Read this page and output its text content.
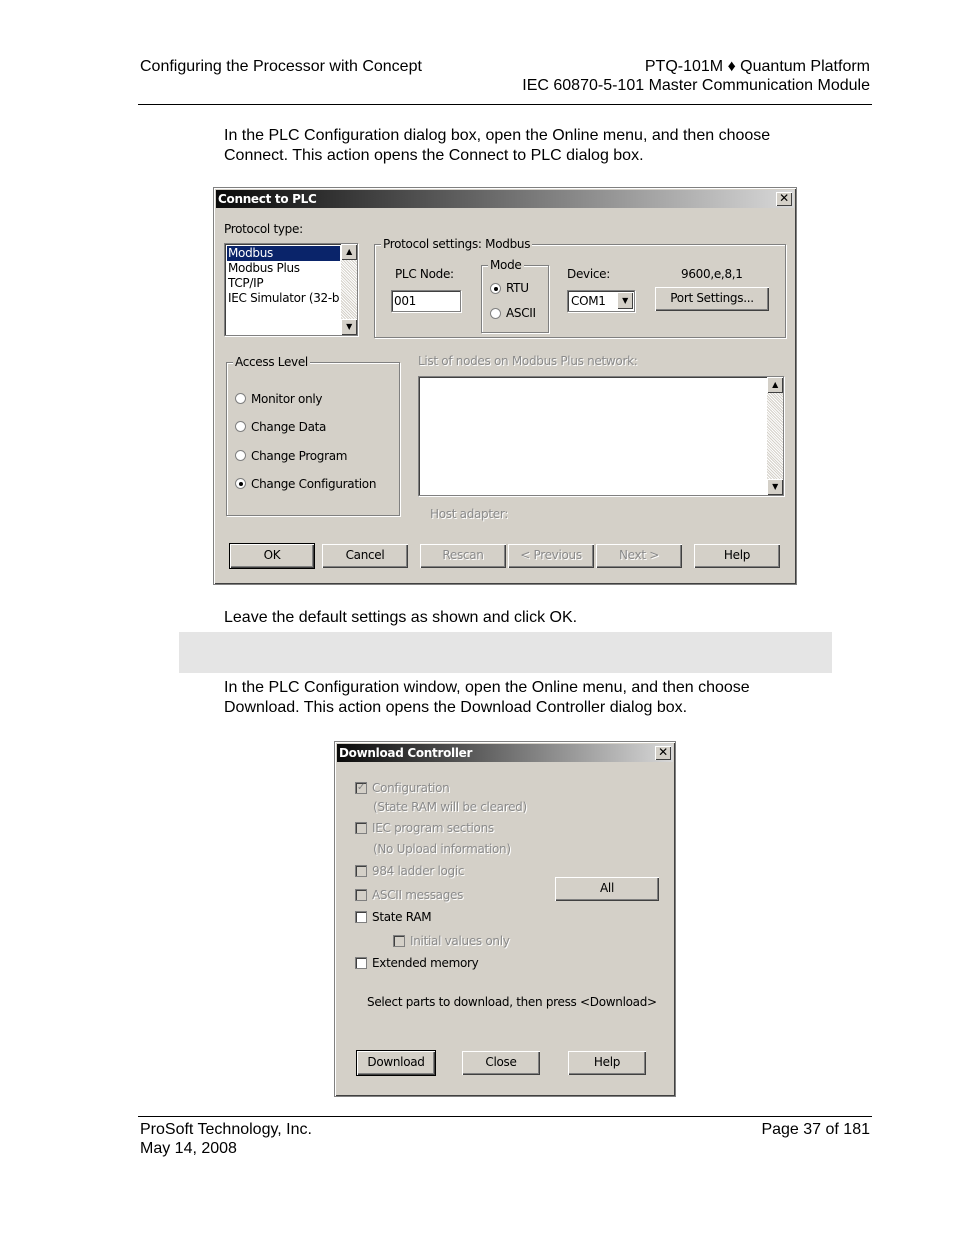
Configuring the Processor with Concept	PTQ-101M ♦ Quantum Platform
IEC 60870-5-101 Master Communication Module
In the PLC Configuration dialog box, open the Online menu, and then choose
Connect. This action opens the Connect to PLC dialog box.
Connect to PLC	✕
Protocol type:
Modbus
Modbus Plus
TCP/IP
IEC Simulator (32-b
▲
▼
Protocol settings: Modbus
PLC Node:
001
Mode
RTU
ASCII
Device:
COM1	▼
9600,e,8,1
Port Settings...
Access Level
Monitor only
Change Data
Change Program
Change Configuration
List of nodes on Modbus Plus network:
▲
▼
Host adapter:
OK	Cancel	Rescan	< Previous	Next >	Help
Leave the default settings as shown and click OK.
In the PLC Configuration window, open the Online menu, and then choose
Download. This action opens the Download Controller dialog box.
Download Controller	✕
✓ Configuration
(State RAM will be cleared)
IEC program sections
(No Upload information)
984 ladder logic
ASCII messages
State RAM
Initial values only
Extended memory
All
Select parts to download, then press <Download>
Download	Close	Help
ProSoft Technology, Inc.
May 14, 2008
Page 37 of 181
